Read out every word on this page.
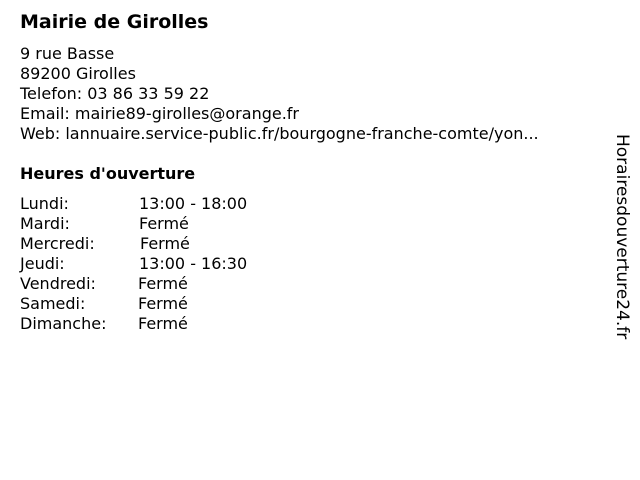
Mairie de Girolles
9 rue Basse
89200 Girolles
Telefon: 03 86 33 59 22
Email: mairie89-girolles@orange.fr
Web: lannuaire.service-public.fr/bourgogne-franche-comte/yon...
Heures d'ouverture
Lundi:	13:00 - 18:00
Mardi:	Fermé
Mercredi:	Fermé
Jeudi:	13:00 - 16:30
Vendredi:	Fermé
Samedi:	Fermé
Dimanche: Fermé	Horairesdouverture24.fr
